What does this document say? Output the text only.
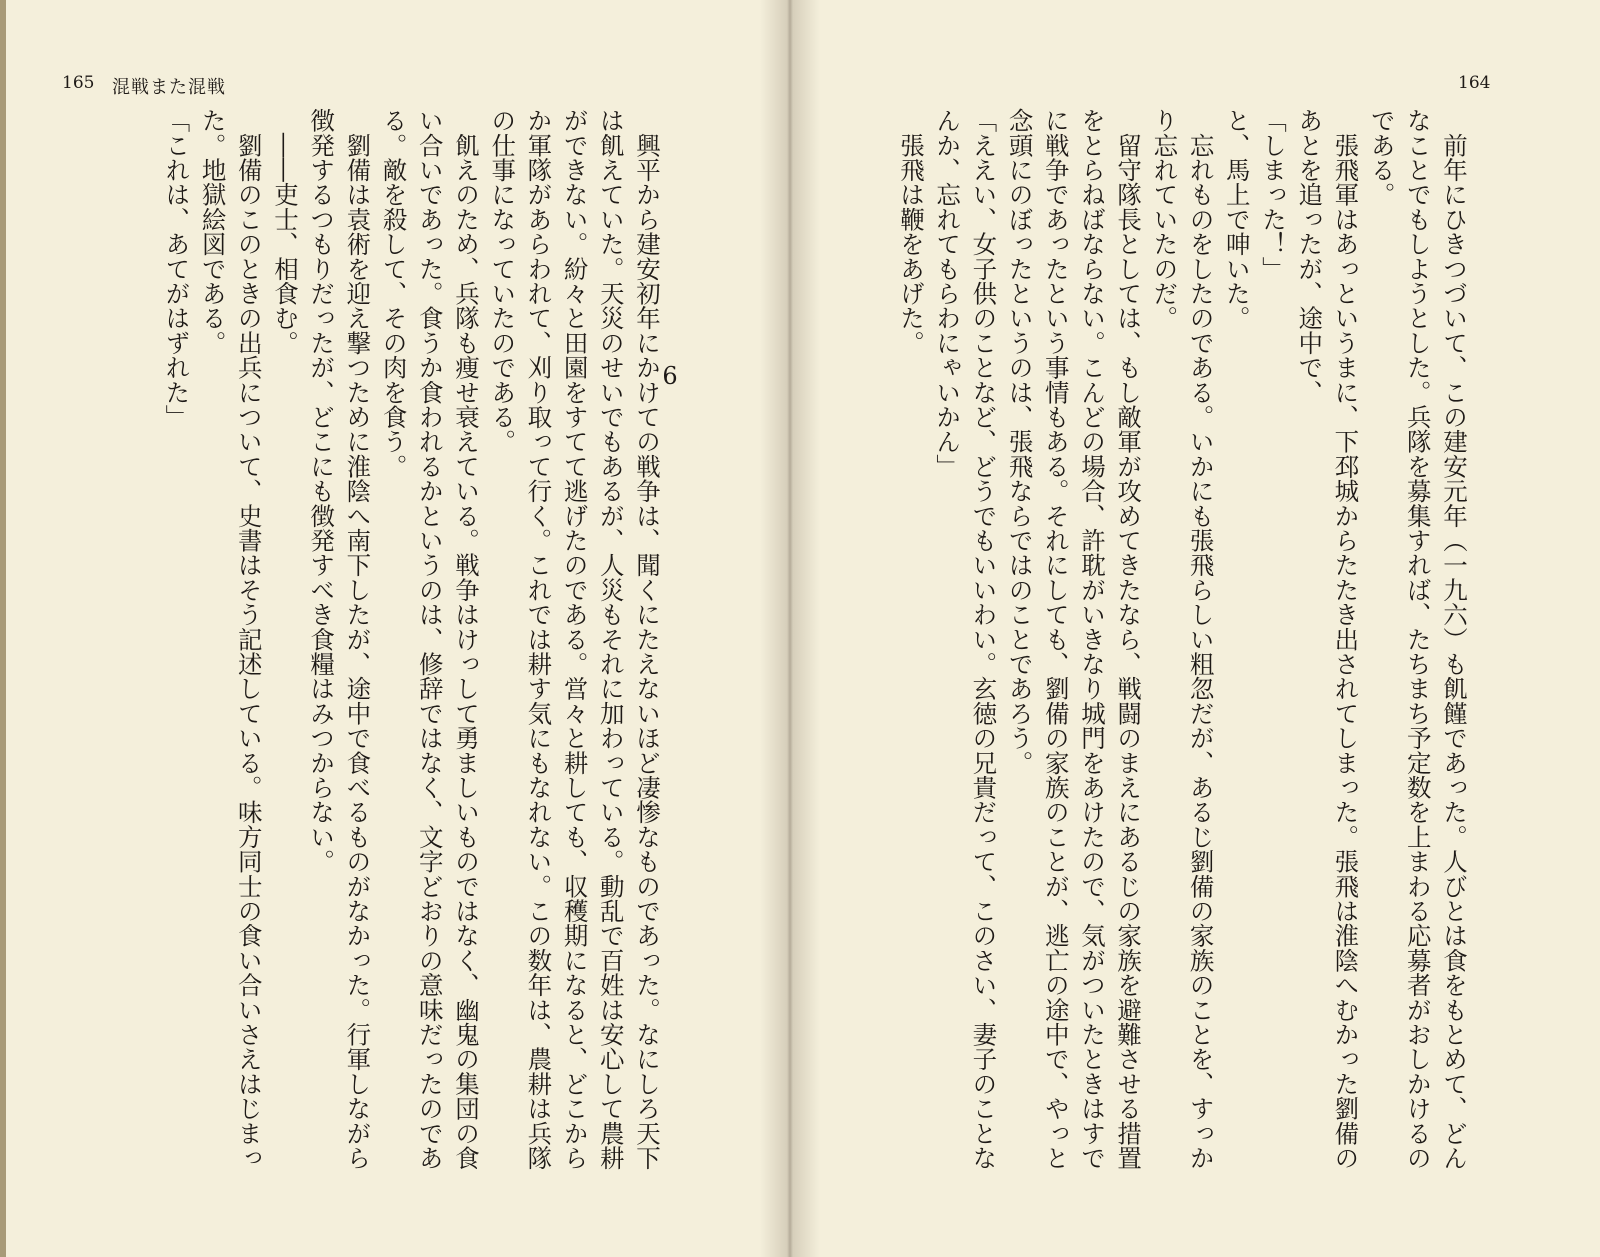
165 混戦また混戦

　興平から建安初年にかけての戦争は、聞くにたえないほど凄惨なものであった。なにしろ天下

は飢えていた。天災のせいでもあるが、人災もそれに加わっている。動乱で百姓は安心して農耕

ができない。紛々と田園をすてて逃げたのである。営々と耕しても、収穫期になると、どこから

か軍隊があらわれて、刈り取って行く。これでは耕す気にもなれない。この数年は、農耕は兵隊

の仕事になっていたのである。

　飢えのため、兵隊も痩せ衰えている。戦争はけっして勇ましいものではなく、幽鬼の集団の食

い合いであった。食うか食われるかというのは、修辞ではなく、文字どおりの意味だったのであ

る。敵を殺して、その肉を食う。

　劉備は袁術を迎え撃つために淮陰へ南下したが、途中で食べるものがなかった。行軍しながら

徴発するつもりだったが、どこにも徴発すべき食糧はみつからない。

　――吏士、相食む。

　劉備のこのときの出兵について、史書はそう記述している。味方同士の食い合いさえはじまっ

た。地獄絵図である。

「これは、あてがはずれた」	6
164

　前年にひきつづいて、この建安元年（一九六）も飢饉であった。人びとは食をもとめて、どん

なことでもしようとした。兵隊を募集すれば、たちまち予定数を上まわる応募者がおしかけるの

である。

　張飛軍はあっというまに、下邳城からたたき出されてしまった。張飛は淮陰へむかった劉備の

あとを追ったが、途中で、

「しまった！」

と、馬上で呻いた。

　忘れものをしたのである。いかにも張飛らしい粗忽だが、あるじ劉備の家族のことを、すっか

り忘れていたのだ。

　留守隊長としては、もし敵軍が攻めてきたなら、戦闘のまえにあるじの家族を避難させる措置

をとらねばならない。こんどの場合、許耽がいきなり城門をあけたので、気がついたときはすで

に戦争であったという事情もある。それにしても、劉備の家族のことが、逃亡の途中で、やっと

念頭にのぼったというのは、張飛ならではのことであろう。

「ええい、女子供のことなど、どうでもいいわい。玄徳の兄貴だって、このさい、妻子のことな

んか、忘れてもらわにゃいかん」

　張飛は鞭をあげた。
